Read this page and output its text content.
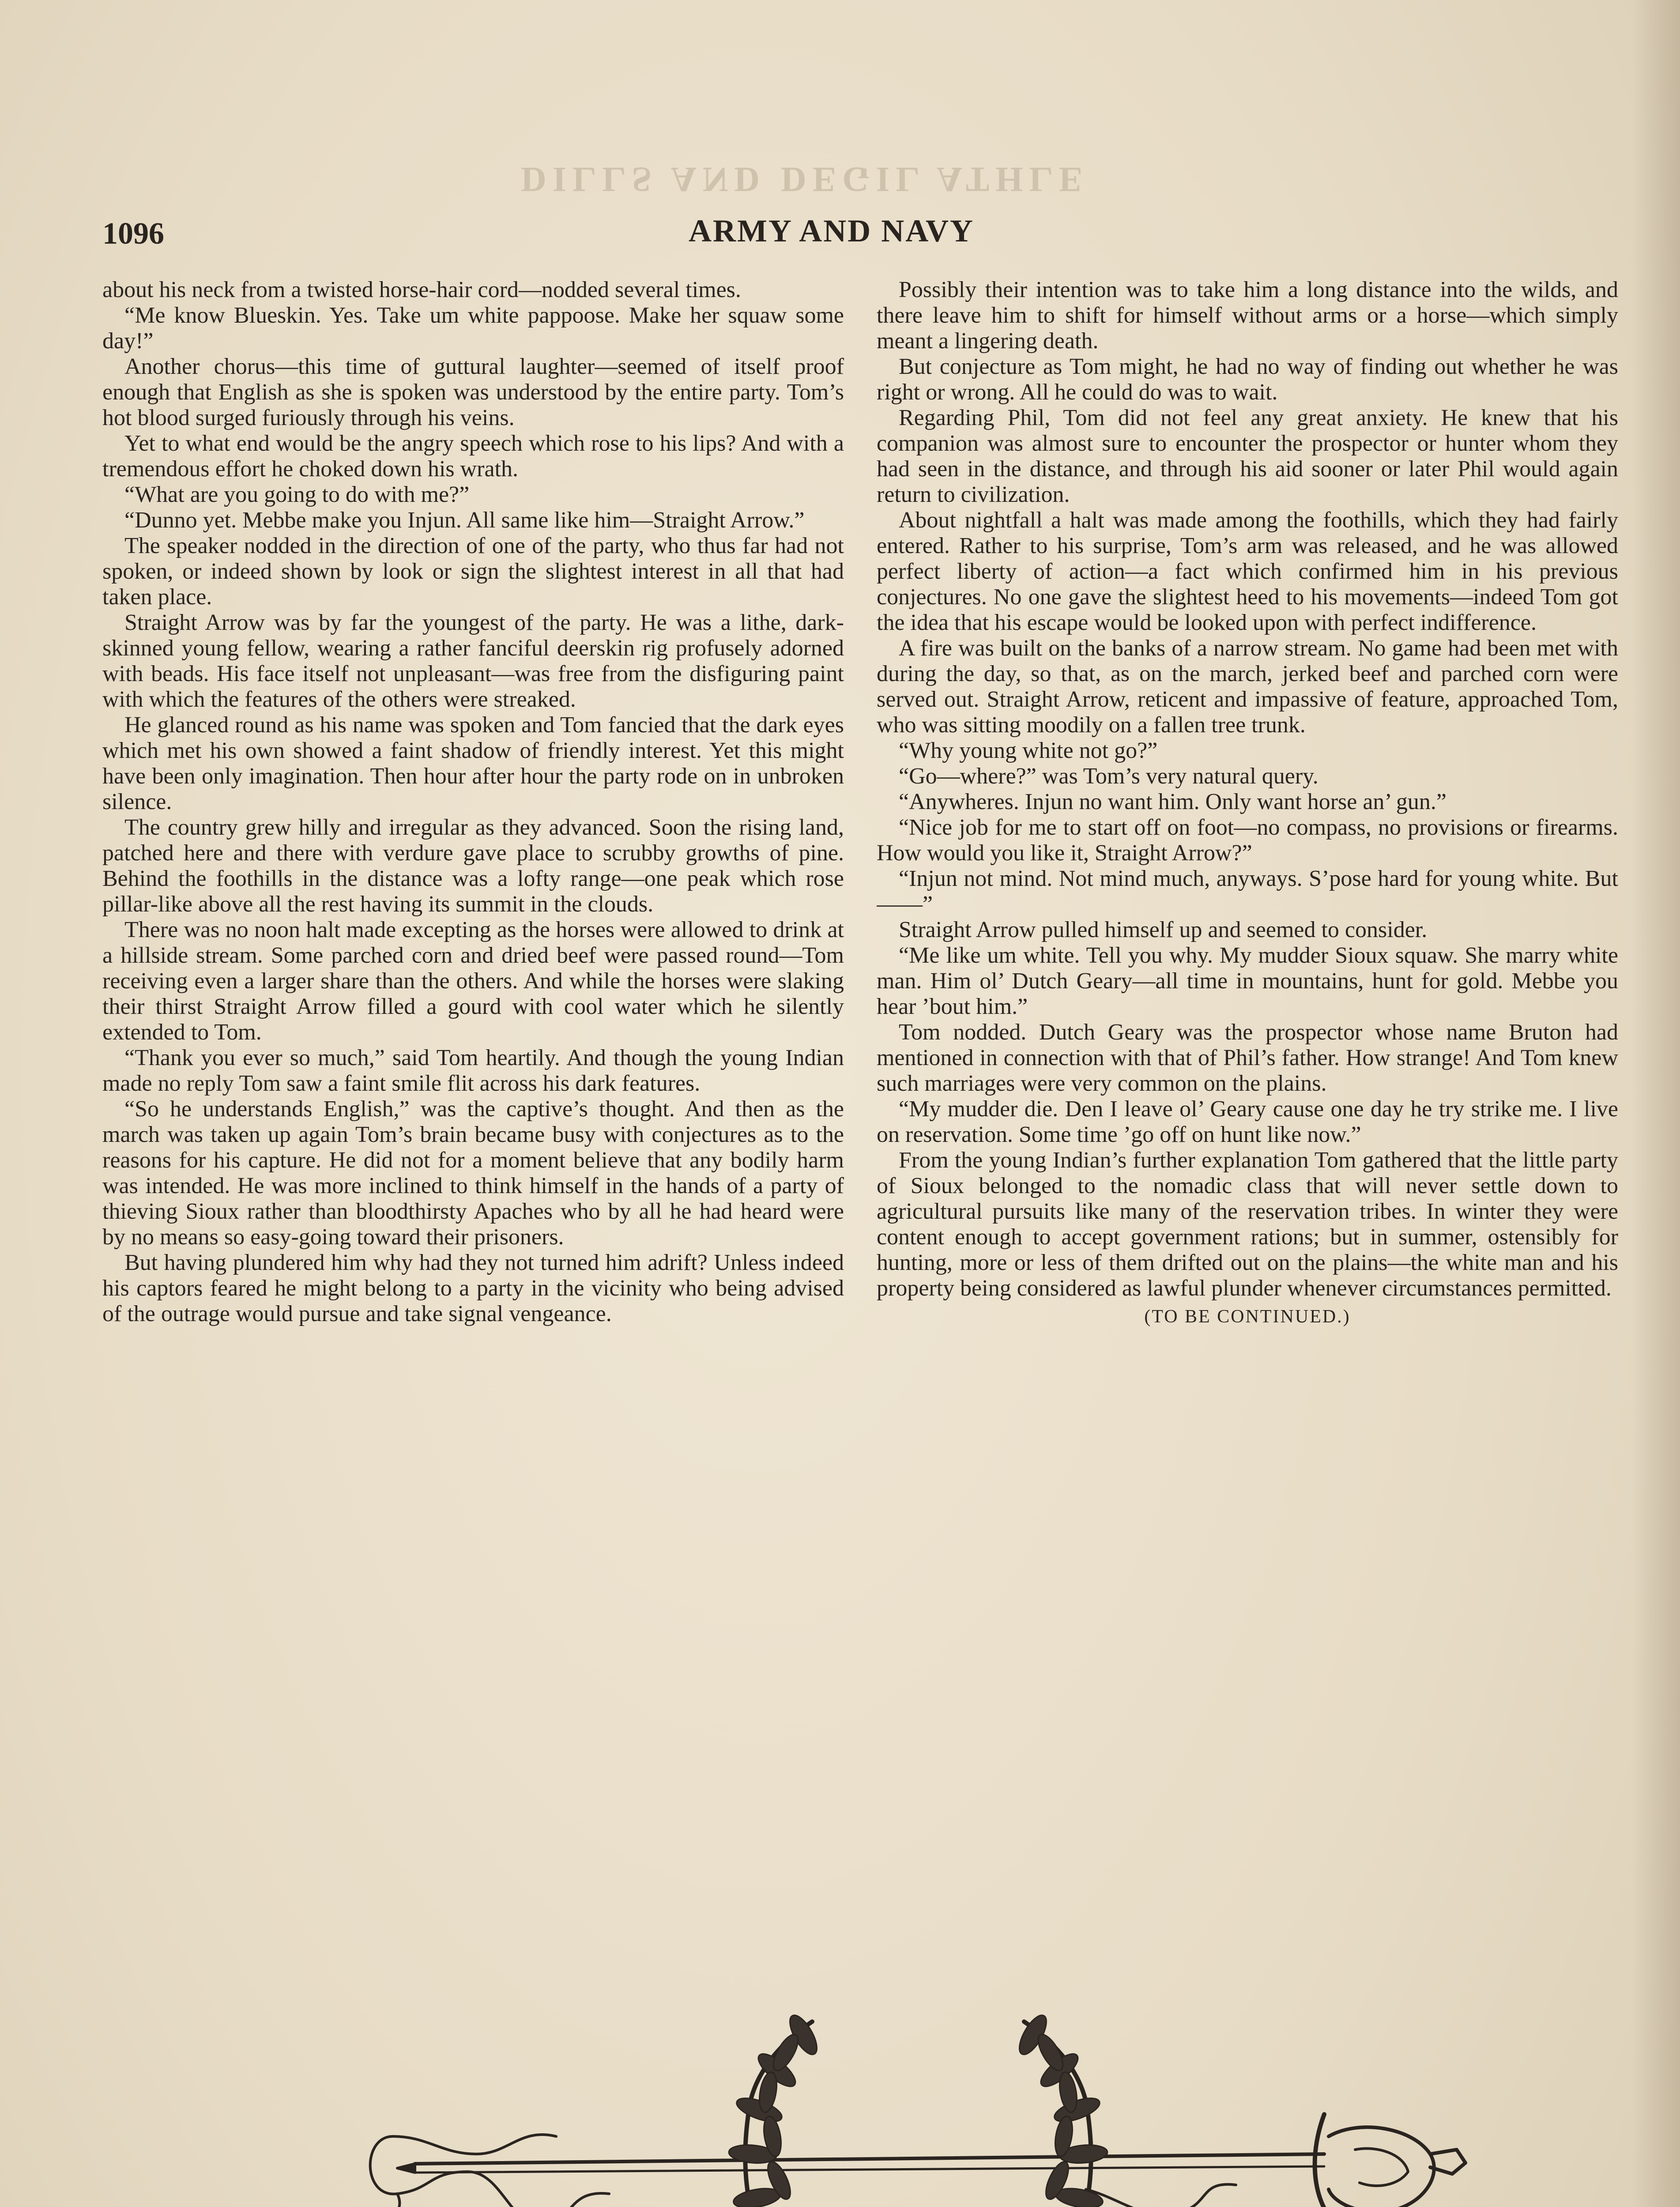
DILLS AND DEGIL ATHLE
1096	ARMY AND NAVY

about his neck from a twisted horse-hair cord—nodded several times.

“Me know Blueskin. Yes. Take um white pappoose. Make her squaw some day!”

Another chorus—this time of guttural laughter—seemed of itself proof enough that English as she is spoken was understood by the entire party. Tom’s hot blood surged furiously through his veins.

Yet to what end would be the angry speech which rose to his lips? And with a tremendous effort he choked down his wrath.

“What are you going to do with me?”

“Dunno yet. Mebbe make you Injun. All same like him—Straight Arrow.”

The speaker nodded in the direction of one of the party, who thus far had not spoken, or indeed shown by look or sign the slightest interest in all that had taken place.

Straight Arrow was by far the youngest of the party. He was a lithe, dark-skinned young fellow, wearing a rather fanciful deerskin rig profusely adorned with beads. His face itself not unpleasant—was free from the disfiguring paint with which the features of the others were streaked.

He glanced round as his name was spoken and Tom fancied that the dark eyes which met his own showed a faint shadow of friendly interest. Yet this might have been only imagination. Then hour after hour the party rode on in unbroken silence.

The country grew hilly and irregular as they advanced. Soon the rising land, patched here and there with verdure gave place to scrubby growths of pine. Behind the foothills in the distance was a lofty range—one peak which rose pillar-like above all the rest having its summit in the clouds.

There was no noon halt made excepting as the horses were allowed to drink at a hillside stream. Some parched corn and dried beef were passed round—Tom receiving even a larger share than the others. And while the horses were slaking their thirst Straight Arrow filled a gourd with cool water which he silently extended to Tom.

“Thank you ever so much,” said Tom heartily. And though the young Indian made no reply Tom saw a faint smile flit across his dark features.

“So he understands English,” was the captive’s thought. And then as the march was taken up again Tom’s brain became busy with conjectures as to the reasons for his capture. He did not for a moment believe that any bodily harm was intended. He was more inclined to think himself in the hands of a party of thieving Sioux rather than bloodthirsty Apaches who by all he had heard were by no means so easy-going toward their prisoners.

But having plundered him why had they not turned him adrift? Unless indeed his captors feared he might belong to a party in the vicinity who being advised of the outrage would pursue and take signal vengeance.

Possibly their intention was to take him a long distance into the wilds, and there leave him to shift for himself without arms or a horse—which simply meant a lingering death.

But conjecture as Tom might, he had no way of finding out whether he was right or wrong. All he could do was to wait.

Regarding Phil, Tom did not feel any great anxiety. He knew that his companion was almost sure to encounter the prospector or hunter whom they had seen in the distance, and through his aid sooner or later Phil would again return to civilization.

About nightfall a halt was made among the foothills, which they had fairly entered. Rather to his surprise, Tom’s arm was released, and he was allowed perfect liberty of action—a fact which confirmed him in his previous conjectures. No one gave the slightest heed to his movements—indeed Tom got the idea that his escape would be looked upon with perfect indifference.

A fire was built on the banks of a narrow stream. No game had been met with during the day, so that, as on the march, jerked beef and parched corn were served out. Straight Arrow, reticent and impassive of feature, approached Tom, who was sitting moodily on a fallen tree trunk.

“Why young white not go?”

“Go—where?” was Tom’s very natural query.

“Anywheres. Injun no want him. Only want horse an’ gun.”

“Nice job for me to start off on foot—no compass, no provisions or firearms. How would you like it, Straight Arrow?”

“Injun not mind. Not mind much, anyways. S’pose hard for young white. But——”

Straight Arrow pulled himself up and seemed to consider.

“Me like um white. Tell you why. My mudder Sioux squaw. She marry white man. Him ol’ Dutch Geary—all time in mountains, hunt for gold. Mebbe you hear ’bout him.”

Tom nodded. Dutch Geary was the prospector whose name Bruton had mentioned in connection with that of Phil’s father. How strange! And Tom knew such marriages were very common on the plains.

“My mudder die. Den I leave ol’ Geary cause one day he try strike me. I live on reservation. Some time ’go off on hunt like now.”

From the young Indian’s further explanation Tom gathered that the little party of Sioux belonged to the nomadic class that will never settle down to agricultural pursuits like many of the reservation tribes. In winter they were content enough to accept government rations; but in summer, ostensibly for hunting, more or less of them drifted out on the plains—the white man and his property being considered as lawful plunder whenever circumstances permitted.

(TO BE CONTINUED.)
